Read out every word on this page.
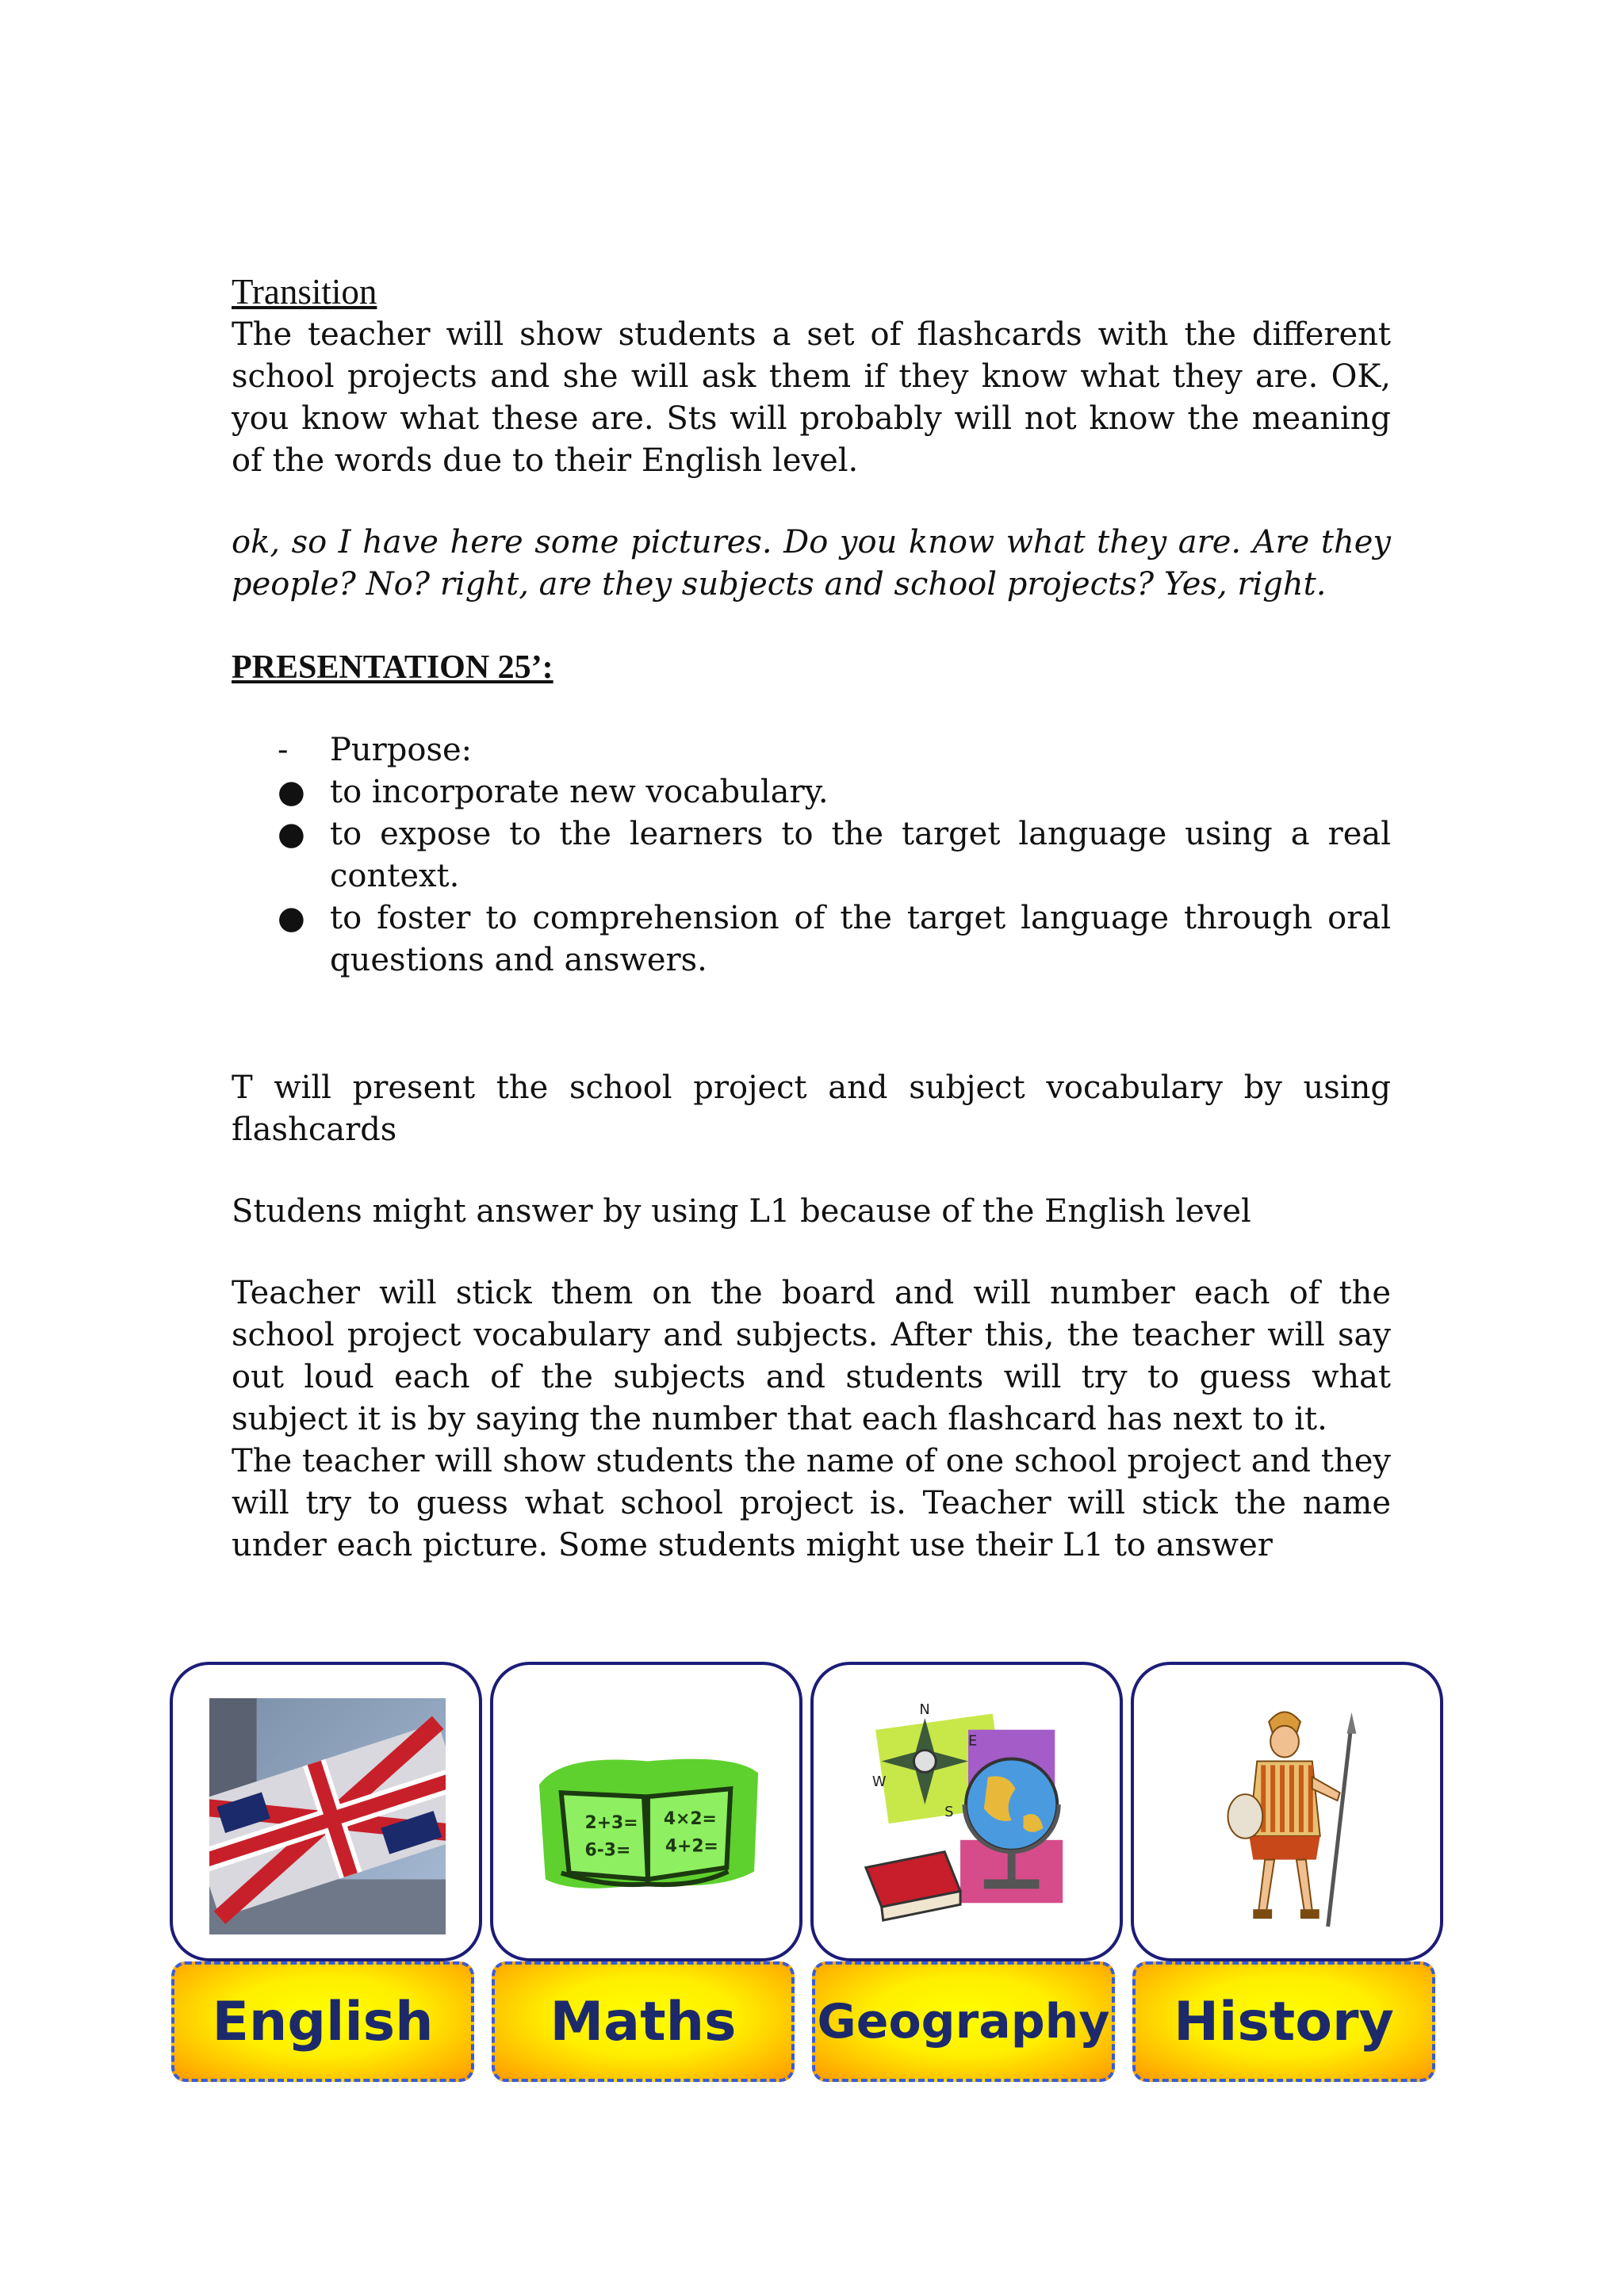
Transition

The teacher will show students a set of flashcards with the different school projects and she will ask them if they know what they are. OK, you know what these are. Sts will probably will not know the meaning of the words due to their English level.

ok, so I have here some pictures. Do you know what they are. Are they people? No? right, are they subjects and school projects? Yes, right.

PRESENTATION 25’:
- Purpose:
● to incorporate new vocabulary.
● to expose to the learners to the target language using a real context.
● to foster to comprehension of the target language through oral questions and answers.

T will present the school project and subject vocabulary by using flashcards

Studens might answer by using L1 because of the English level

Teacher will stick them on the board and will number each of the school project vocabulary and subjects. After this, the teacher will say out loud each of the subjects and students will try to guess what subject it is by saying the number that each flashcard has next to it.

The teacher will show students the name of one school project and they will try to guess what school project is. Teacher will stick the name under each picture. Some students might use their L1 to answer

English
2+3=
6-3=
4×2=
4+2=
Maths
N
E
S
W
Geography	History
